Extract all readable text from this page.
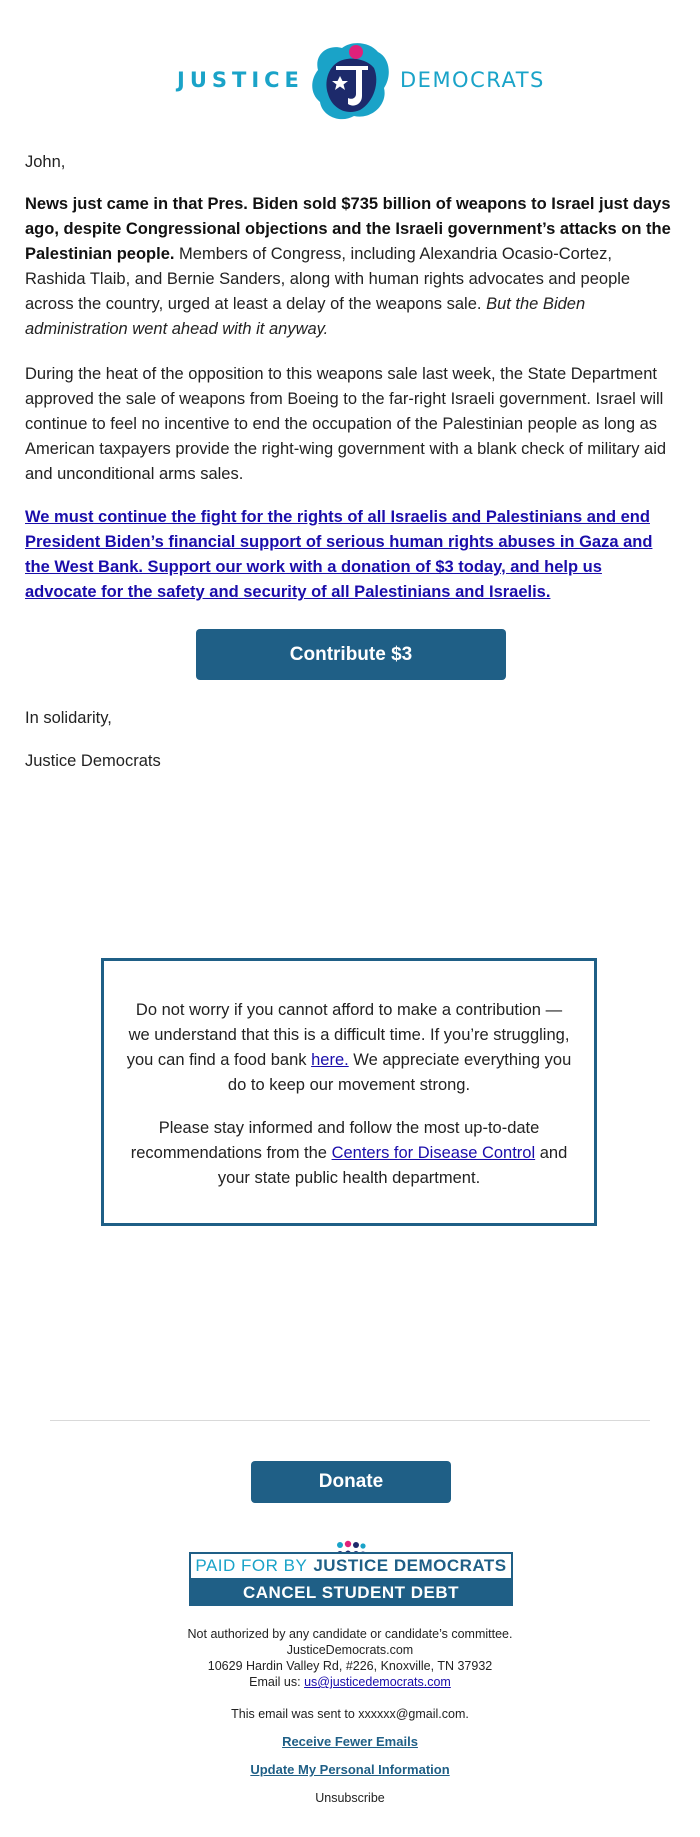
JUSTICE	DEMOCRATS

John,

News just came in that Pres. Biden sold $735 billion of weapons to Israel just days ago, despite Congressional objections and the Israeli government’s attacks on the Palestinian people. Members of Congress, including Alexandria Ocasio-Cortez, Rashida Tlaib, and Bernie Sanders, along with human rights advocates and people across the country, urged at least a delay of the weapons sale. But the Biden administration went ahead with it anyway.

During the heat of the opposition to this weapons sale last week, the State Department approved the sale of weapons from Boeing to the far-right Israeli government. Israel will continue to feel no incentive to end the occupation of the Palestinian people as long as American taxpayers provide the right-wing government with a blank check of military aid and unconditional arms sales.

We must continue the fight for the rights of all Israelis and Palestinians and end President Biden’s financial support of serious human rights abuses in Gaza and the West Bank. Support our work with a donation of $3 today, and help us advocate for the safety and security of all Palestinians and Israelis.

Contribute $3

In solidarity,

Justice Democrats

Do not worry if you cannot afford to make a contribution — we understand that this is a difficult time. If you’re struggling, you can find a food bank here. We appreciate everything you do to keep our movement strong.

Please stay informed and follow the most up-to-date recommendations from the Centers for Disease Control and your state public health department.

Donate
PAID FOR BY JUSTICE DEMOCRATS
CANCEL STUDENT DEBT
Not authorized by any candidate or candidate’s committee.
JusticeDemocrats.com
10629 Hardin Valley Rd, #226, Knoxville, TN 37932
Email us: us@justicedemocrats.com
This email was sent to xxxxxx@gmail.com.
Receive Fewer Emails
Update My Personal Information
Unsubscribe
